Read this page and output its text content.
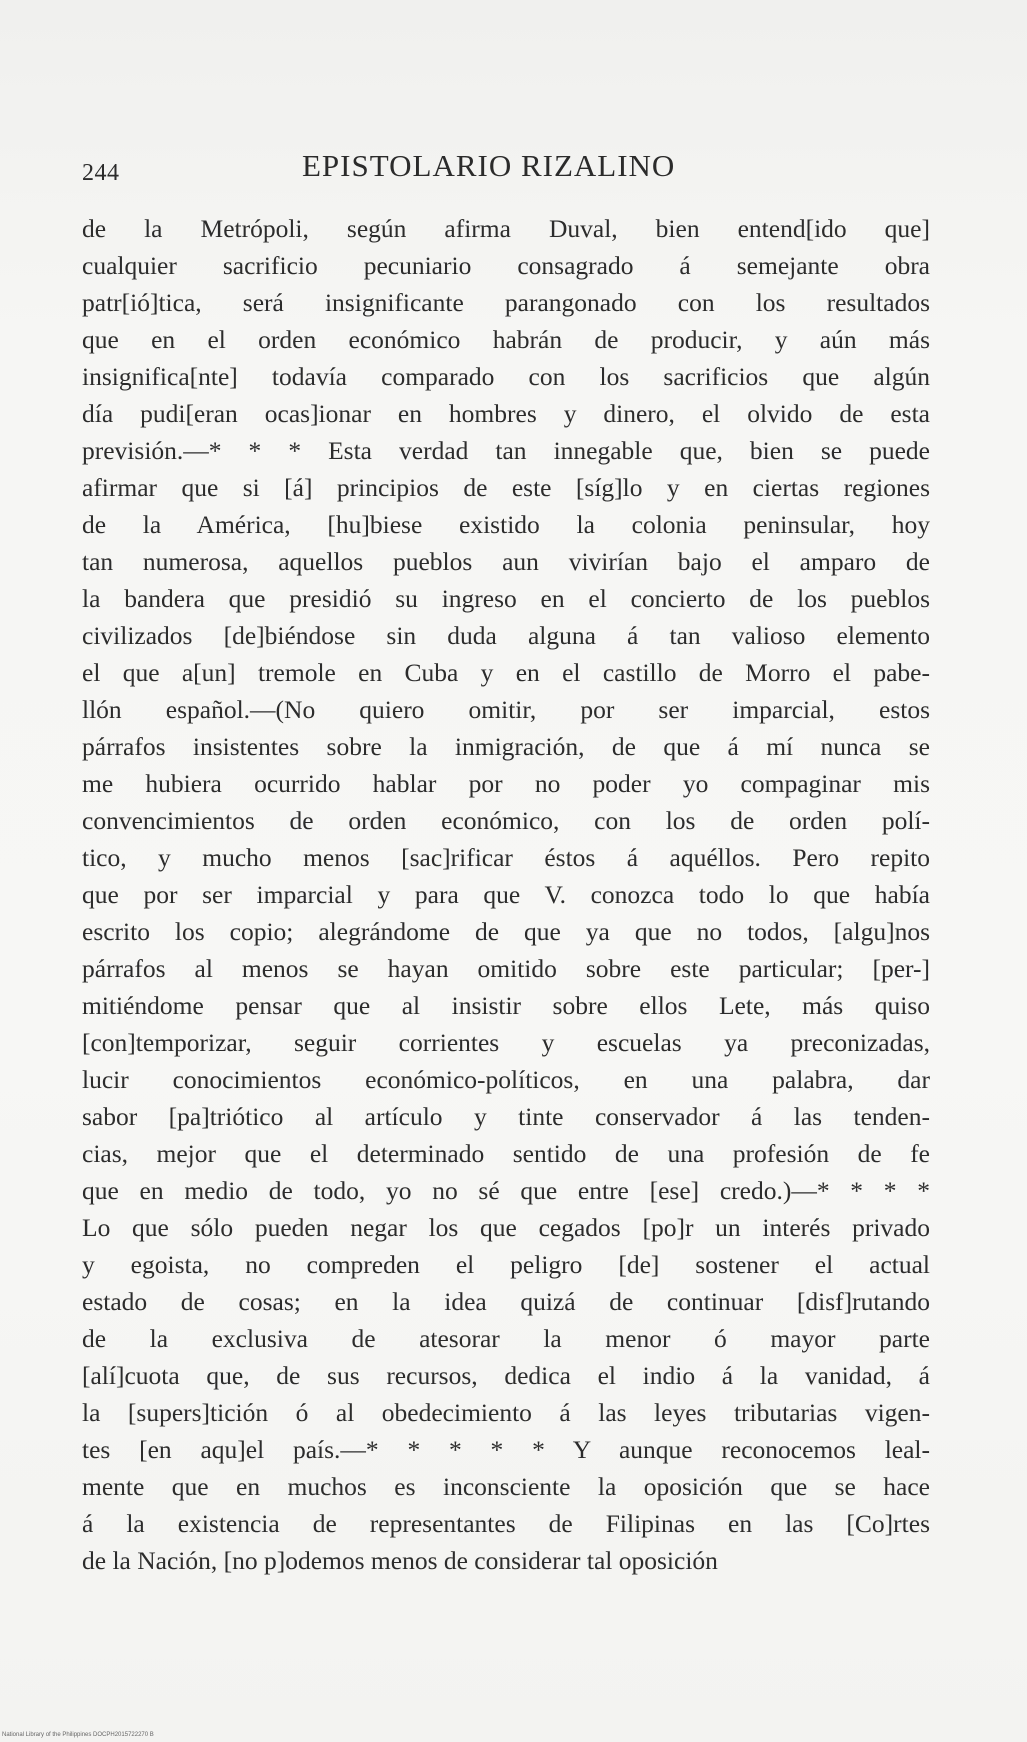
244	EPISTOLARIO RIZALINO
de la Metrópoli, según afirma Duval, bien entend[ido que]
cualquier sacrificio pecuniario consagrado á semejante obra
patr[ió]tica, será insignificante parangonado con los resultados
que en el orden económico habrán de producir, y aún más
insignifica[nte] todavía comparado con los sacrificios que algún
día pudi[eran ocas]ionar en hombres y dinero, el olvido de esta
previsión.—* * * Esta verdad tan innegable que, bien se puede
afirmar que si [á] principios de este [síg]lo y en ciertas regiones
de la América, [hu]biese existido la colonia peninsular, hoy
tan numerosa, aquellos pueblos aun vivirían bajo el amparo de
la bandera que presidió su ingreso en el concierto de los pueblos
civilizados [de]biéndose sin duda alguna á tan valioso elemento
el que a[un] tremole en Cuba y en el castillo de Morro el pabe-
llón español.—(No quiero omitir, por ser imparcial, estos
párrafos insistentes sobre la inmigración, de que á mí nunca se
me hubiera ocurrido hablar por no poder yo compaginar mis
convencimientos de orden económico, con los de orden polí-
tico, y mucho menos [sac]rificar éstos á aquéllos. Pero repito
que por ser imparcial y para que V. conozca todo lo que había
escrito los copio; alegrándome de que ya que no todos, [algu]nos
párrafos al menos se hayan omitido sobre este particular; [per-]
mitiéndome pensar que al insistir sobre ellos Lete, más quiso
[con]temporizar, seguir corrientes y escuelas ya preconizadas,
lucir conocimientos económico-políticos, en una palabra, dar
sabor [pa]triótico al artículo y tinte conservador á las tenden-
cias, mejor que el determinado sentido de una profesión de fe
que en medio de todo, yo no sé que entre [ese] credo.)—* * * *
Lo que sólo pueden negar los que cegados [po]r un interés privado
y egoista, no compreden el peligro [de] sostener el actual
estado de cosas; en la idea quizá de continuar [disf]rutando
de la exclusiva de atesorar la menor ó mayor parte
[alí]cuota que, de sus recursos, dedica el indio á la vanidad, á
la [supers]tición ó al obedecimiento á las leyes tributarias vigen-
tes [en aqu]el país.—* * * * * Y aunque reconocemos leal-
mente que en muchos es inconsciente la oposición que se hace
á la existencia de representantes de Filipinas en las [Co]rtes
de la Nación, [no p]odemos menos de considerar tal oposición
National Library of the Philippines DOCPH2015722270 B
